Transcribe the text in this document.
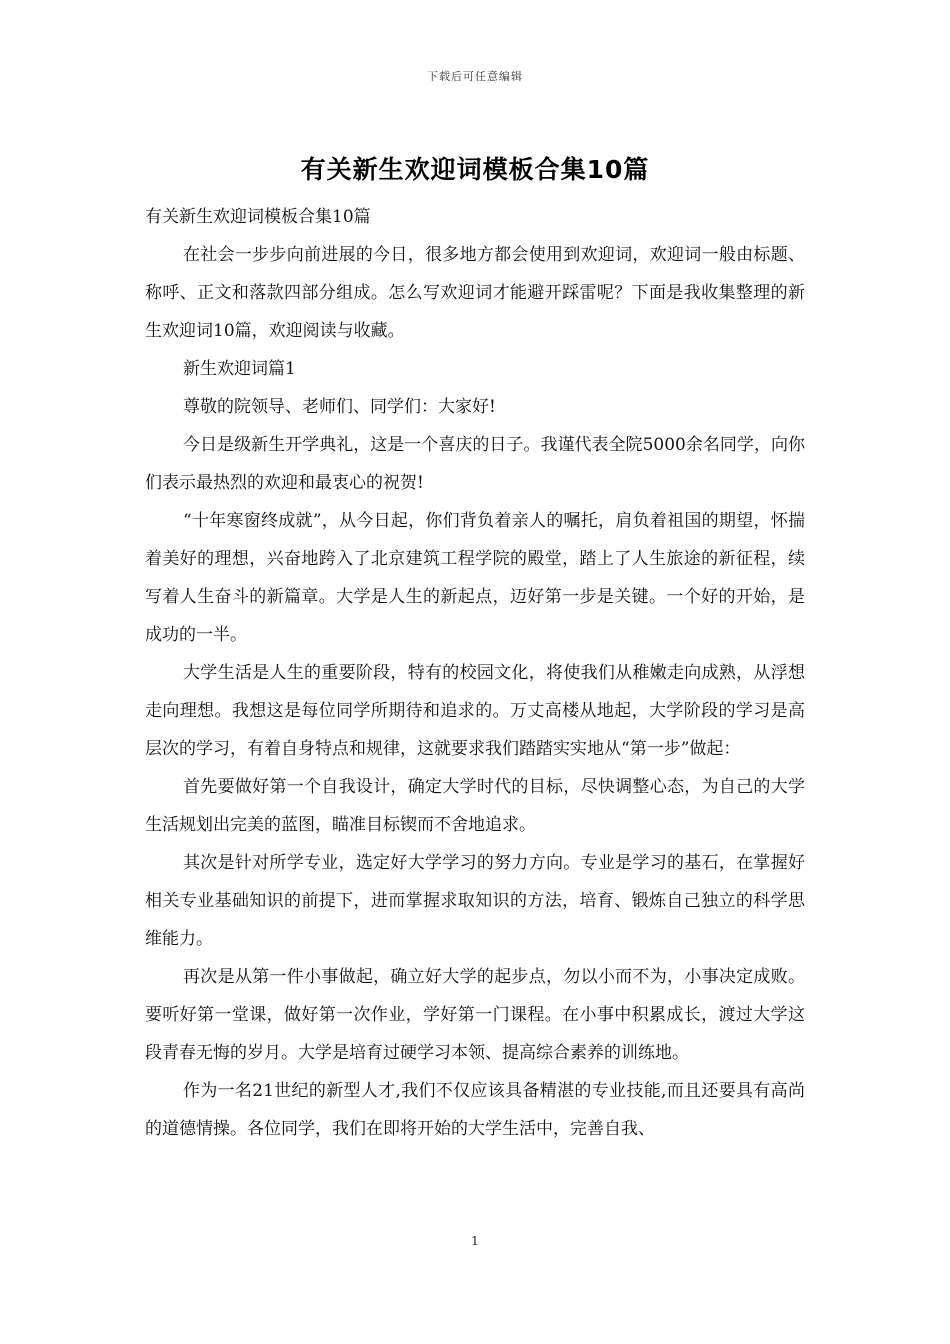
下载后可任意编辑
有关新生欢迎词模板合集10篇

有关新生欢迎词模板合集10篇

在社会一步步向前进展的今日，很多地方都会使用到欢迎词，欢迎词一般由标题、称呼、正文和落款四部分组成。怎么写欢迎词才能避开踩雷呢？下面是我收集整理的新生欢迎词10篇，欢迎阅读与收藏。

新生欢迎词篇1

尊敬的院领导、老师们、同学们：大家好!

今日是级新生开学典礼，这是一个喜庆的日子。我谨代表全院5000余名同学，向你们表示最热烈的欢迎和最衷心的祝贺!

“十年寒窗终成就”，从今日起，你们背负着亲人的嘱托，肩负着祖国的期望，怀揣着美好的理想，兴奋地跨入了北京建筑工程学院的殿堂，踏上了人生旅途的新征程，续写着人生奋斗的新篇章。大学是人生的新起点，迈好第一步是关键。一个好的开始，是成功的一半。

大学生活是人生的重要阶段，特有的校园文化，将使我们从稚嫩走向成熟，从浮想走向理想。我想这是每位同学所期待和追求的。万丈高楼从地起，大学阶段的学习是高层次的学习，有着自身特点和规律，这就要求我们踏踏实实地从“第一步”做起：

首先要做好第一个自我设计，确定大学时代的目标，尽快调整心态，为自己的大学生活规划出完美的蓝图，瞄准目标锲而不舍地追求。

其次是针对所学专业，选定好大学学习的努力方向。专业是学习的基石，在掌握好相关专业基础知识的前提下，进而掌握求取知识的方法，培育、锻炼自己独立的科学思维能力。

再次是从第一件小事做起，确立好大学的起步点，勿以小而不为，小事决定成败。要听好第一堂课，做好第一次作业，学好第一门课程。在小事中积累成长，渡过大学这段青春无悔的岁月。大学是培育过硬学习本领、提高综合素养的训练地。

作为一名21世纪的新型人才,我们不仅应该具备精湛的专业技能,而且还要具有高尚的道德情操。各位同学，我们在即将开始的大学生活中，完善自我、

1
